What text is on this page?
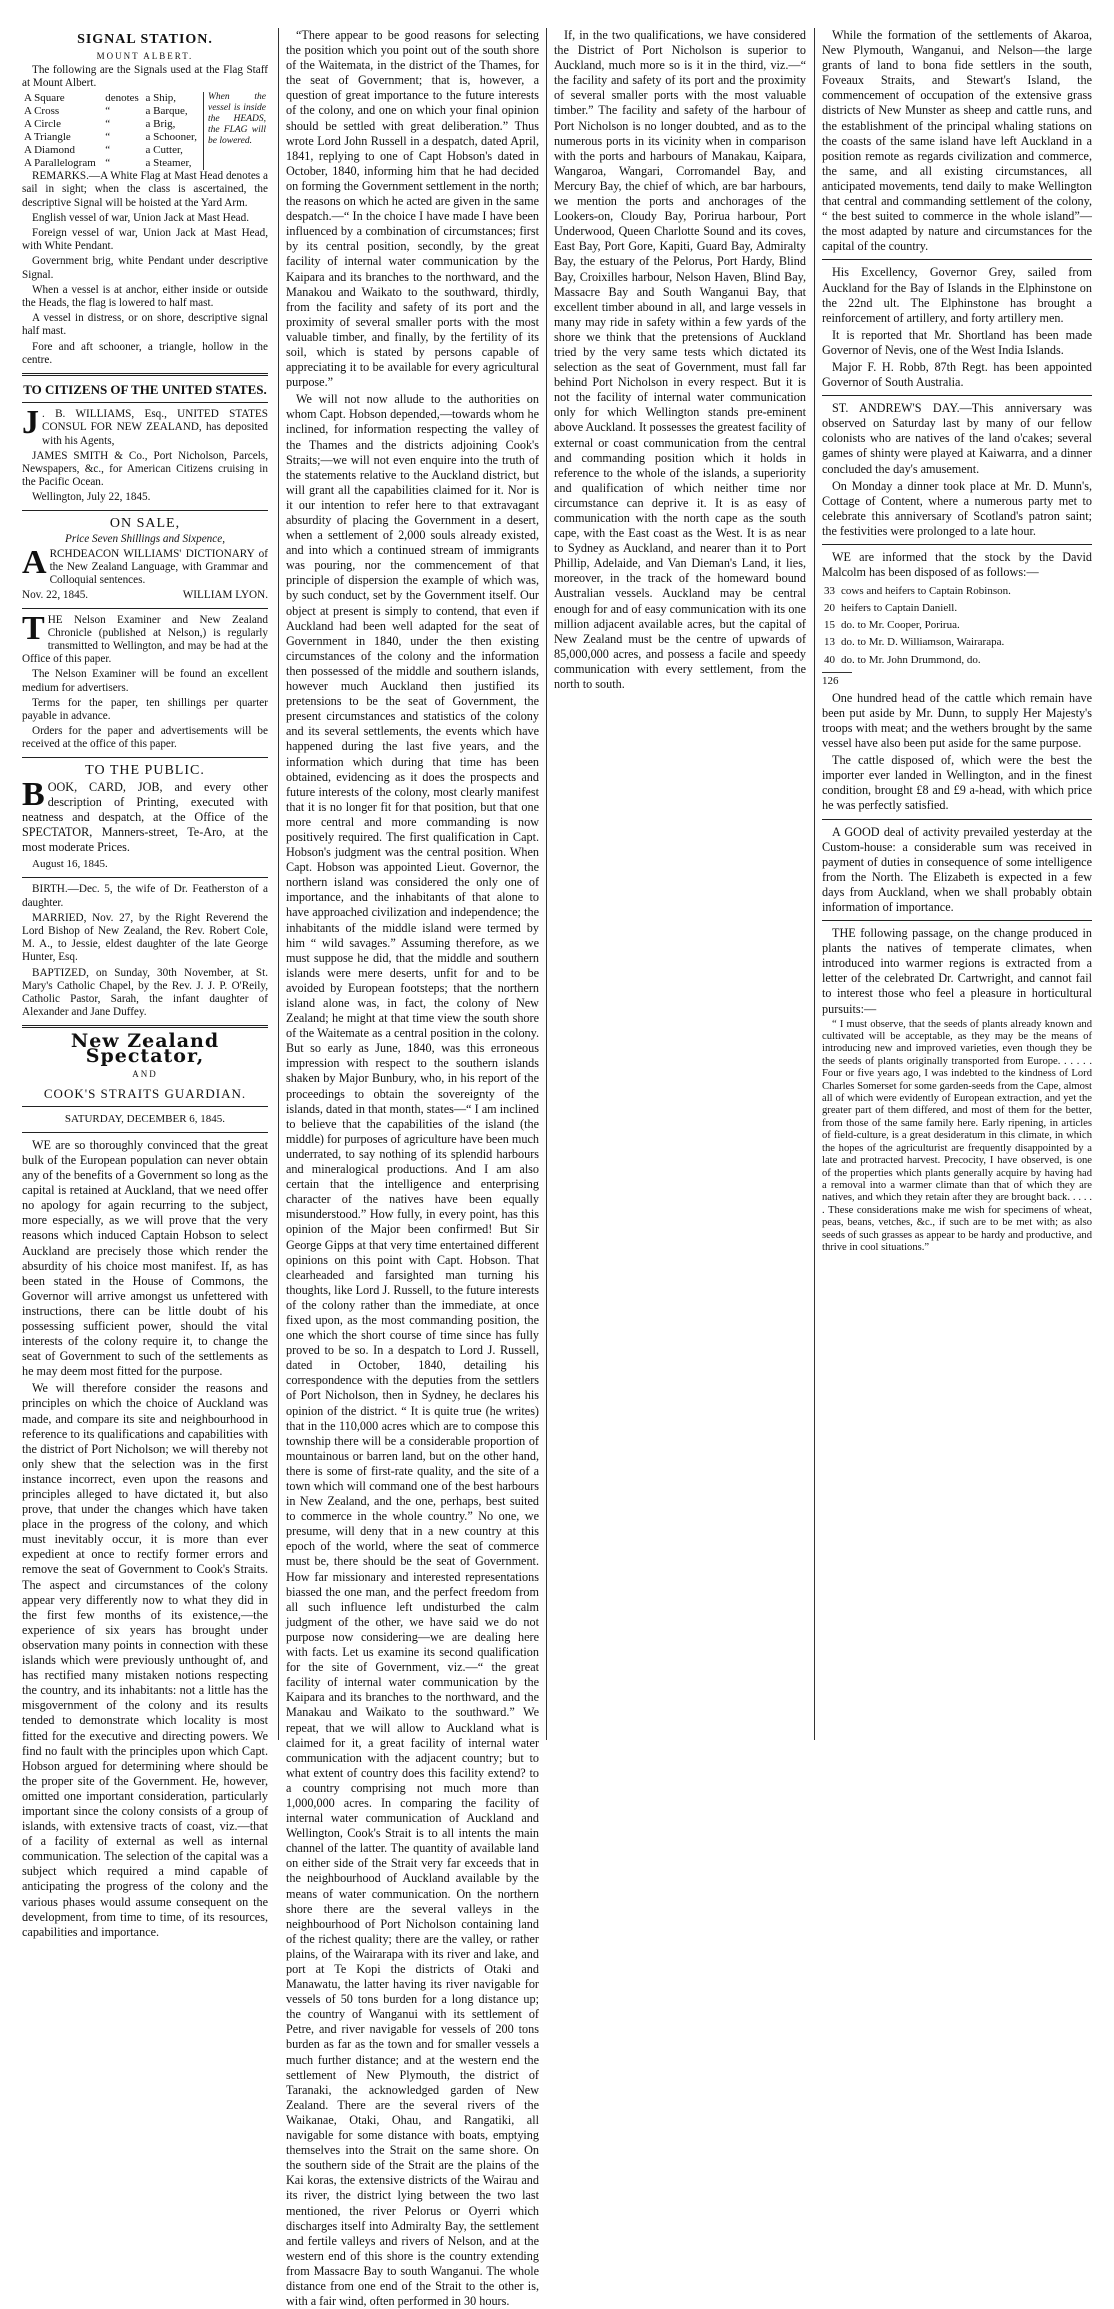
SIGNAL STATION.
MOUNT ALBERT.

The following are the Signals used at the Flag Staff at Mount Albert.

A Square	denotes	a Ship,	When the vessel is inside the HEADS, the FLAG will be lowered.
A Cross	“	a Barque,	
A Circle	“	a Brig,	
A Triangle	“	a Schooner,	
A Diamond	“	a Cutter,	
A Parallelogram	“	a Steamer,	

REMARKS.—A White Flag at Mast Head denotes a sail in sight; when the class is ascertained, the descriptive Signal will be hoisted at the Yard Arm.

English vessel of war, Union Jack at Mast Head.

Foreign vessel of war, Union Jack at Mast Head, with White Pendant.

Government brig, white Pendant under descriptive Signal.

When a vessel is at anchor, either inside or outside the Heads, the flag is lowered to half mast.

A vessel in distress, or on shore, descriptive signal half mast.

Fore and aft schooner, a triangle, hollow in the centre.

TO CITIZENS OF THE UNITED STATES.

J . B. WILLIAMS, Esq., UNITED STATES CONSUL FOR NEW ZEALAND, has deposited with his Agents,

JAMES SMITH & Co., Port Nicholson, Parcels, Newspapers, &c., for American Citizens cruising in the Pacific Ocean.

Wellington, July 22, 1845.

ON SALE,

Price Seven Shillings and Sixpence,

ARCHDEACON WILLIAMS' DICTIONARY of the New Zealand Language, with Grammar and Colloquial sentences.

Nov. 22, 1845.	WILLIAM LYON.

THE Nelson Examiner and New Zealand Chronicle (published at Nelson,) is regularly transmitted to Wellington, and may be had at the Office of this paper.

The Nelson Examiner will be found an excellent medium for advertisers.

Terms for the paper, ten shillings per quarter payable in advance.

Orders for the paper and advertisements will be received at the office of this paper.

TO THE PUBLIC.

BOOK, CARD, JOB, and every other description of Printing, executed with neatness and despatch, at the Office of the SPECTATOR, Manners-street, Te-Aro, at the most moderate Prices.

August 16, 1845.

BIRTH.—Dec. 5, the wife of Dr. Featherston of a daughter.

MARRIED, Nov. 27, by the Right Reverend the Lord Bishop of New Zealand, the Rev. Robert Cole, M. A., to Jessie, eldest daughter of the late George Hunter, Esq.

BAPTIZED, on Sunday, 30th November, at St. Mary's Catholic Chapel, by the Rev. J. J. P. O'Reily, Catholic Pastor, Sarah, the infant daughter of Alexander and Jane Duffey.

New Zealand Spectator,
AND
COOK'S STRAITS GUARDIAN.

SATURDAY, DECEMBER 6, 1845.

WE are so thoroughly convinced that the great bulk of the European population can never obtain any of the benefits of a Government so long as the capital is retained at Auckland, that we need offer no apology for again recurring to the subject, more especially, as we will prove that the very reasons which induced Captain Hobson to select Auckland are precisely those which render the absurdity of his choice most manifest. If, as has been stated in the House of Commons, the Governor will arrive amongst us unfettered with instructions, there can be little doubt of his possessing sufficient power, should the vital interests of the colony require it, to change the seat of Government to such of the settlements as he may deem most fitted for the purpose.

We will therefore consider the reasons and principles on which the choice of Auckland was made, and compare its site and neighbourhood in reference to its qualifications and capabilities with the district of Port Nicholson; we will thereby not only shew that the selection was in the first instance incorrect, even upon the reasons and principles alleged to have dictated it, but also prove, that under the changes which have taken place in the progress of the colony, and which must inevitably occur, it is more than ever expedient at once to rectify former errors and remove the seat of Government to Cook's Straits. The aspect and circumstances of the colony appear very differently now to what they did in the first few months of its existence,—the experience of six years has brought under observation many points in connection with these islands which were previously unthought of, and has rectified many mistaken notions respecting the country, and its inhabitants: not a little has the misgovernment of the colony and its results tended to demonstrate which locality is most fitted for the executive and directing powers. We find no fault with the principles upon which Capt. Hobson argued for determining where should be the proper site of the Government. He, however, omitted one important consideration, particularly important since the colony consists of a group of islands, with extensive tracts of coast, viz.—that of a facility of external as well as internal communication. The selection of the capital was a subject which required a mind capable of anticipating the progress of the colony and the various phases would assume consequent on the development, from time to time, of its resources, capabilities and importance.

“There appear to be good reasons for selecting the position which you point out of the south shore of the Waitemata, in the district of the Thames, for the seat of Government; that is, however, a question of great importance to the future interests of the colony, and one on which your final opinion should be settled with great deliberation.” Thus wrote Lord John Russell in a despatch, dated April, 1841, replying to one of Capt Hobson's dated in October, 1840, informing him that he had decided on forming the Government settlement in the north; the reasons on which he acted are given in the same despatch.—“ In the choice I have made I have been influenced by a combination of circumstances; first by its central position, secondly, by the great facility of internal water communication by the Kaipara and its branches to the northward, and the Manakou and Waikato to the southward, thirdly, from the facility and safety of its port and the proximity of several smaller ports with the most valuable timber, and finally, by the fertility of its soil, which is stated by persons capable of appreciating it to be available for every agricultural purpose.”

We will not now allude to the authorities on whom Capt. Hobson depended,—towards whom he inclined, for information respecting the valley of the Thames and the districts adjoining Cook's Straits;—we will not even enquire into the truth of the statements relative to the Auckland district, but will grant all the capabilities claimed for it. Nor is it our intention to refer here to that extravagant absurdity of placing the Government in a desert, when a settlement of 2,000 souls already existed, and into which a continued stream of immigrants was pouring, nor the commencement of that principle of dispersion the example of which was, by such conduct, set by the Government itself. Our object at present is simply to contend, that even if Auckland had been well adapted for the seat of Government in 1840, under the then existing circumstances of the colony and the information then possessed of the middle and southern islands, however much Auckland then justified its pretensions to be the seat of Government, the present circumstances and statistics of the colony and its several settlements, the events which have happened during the last five years, and the information which during that time has been obtained, evidencing as it does the prospects and future interests of the colony, most clearly manifest that it is no longer fit for that position, but that one more central and more commanding is now positively required. The first qualification in Capt. Hobson's judgment was the central position. When Capt. Hobson was appointed Lieut. Governor, the northern island was considered the only one of importance, and the inhabitants of that alone to have approached civilization and independence; the inhabitants of the middle island were termed by him “ wild savages.” Assuming therefore, as we must suppose he did, that the middle and southern islands were mere deserts, unfit for and to be avoided by European footsteps; that the northern island alone was, in fact, the colony of New Zealand; he might at that time view the south shore of the Waitemate as a central position in the colony. But so early as June, 1840, was this erroneous impression with respect to the southern islands shaken by Major Bunbury, who, in his report of the proceedings to obtain the sovereignty of the islands, dated in that month, states—“ I am inclined to believe that the capabilities of the island (the middle) for purposes of agriculture have been much underrated, to say nothing of its splendid harbours and mineralogical productions. And I am also certain that the intelligence and enterprising character of the natives have been equally misunderstood.” How fully, in every point, has this opinion of the Major been confirmed! But Sir George Gipps at that very time entertained different opinions on this point with Capt. Hobson. That clearheaded and farsighted man turning his thoughts, like Lord J. Russell, to the future interests of the colony rather than the immediate, at once fixed upon, as the most commanding position, the one which the short course of time since has fully proved to be so. In a despatch to Lord J. Russell, dated in October, 1840, detailing his correspondence with the deputies from the settlers of Port Nicholson, then in Sydney, he declares his opinion of the district. “ It is quite true (he writes) that in the 110,000 acres which are to compose this township there will be a considerable proportion of mountainous or barren land, but on the other hand, there is some of first-rate quality, and the site of a town which will command one of the best harbours in New Zealand, and the one, perhaps, best suited to commerce in the whole country.” No one, we presume, will deny that in a new country at this epoch of the world, where the seat of commerce must be, there should be the seat of Government. How far missionary and interested representations biassed the one man, and the perfect freedom from all such influence left undisturbed the calm judgment of the other, we have said we do not purpose now considering—we are dealing here with facts. Let us examine its second qualification for the site of Government, viz.—“ the great facility of internal water communication by the Kaipara and its branches to the northward, and the Manakau and Waikato to the southward.” We repeat, that we will allow to Auckland what is claimed for it, a great facility of internal water communication with the adjacent country; but to what extent of country does this facility extend? to a country comprising not much more than 1,000,000 acres. In comparing the facility of internal water communication of Auckland and Wellington, Cook's Strait is to all intents the main channel of the latter. The quantity of available land on either side of the Strait very far exceeds that in the neighbourhood of Auckland available by the means of water communication. On the northern shore there are the several valleys in the neighbourhood of Port Nicholson containing land of the richest quality; there are the valley, or rather plains, of the Wairarapa with its river and lake, and port at Te Kopi the districts of Otaki and Manawatu, the latter having its river navigable for vessels of 50 tons burden for a long distance up; the country of Wanganui with its settlement of Petre, and river navigable for vessels of 200 tons burden as far as the town and for smaller vessels a much further distance; and at the western end the settlement of New Plymouth, the district of Taranaki, the acknowledged garden of New Zealand. There are the several rivers of the Waikanae, Otaki, Ohau, and Rangatiki, all navigable for some distance with boats, emptying themselves into the Strait on the same shore. On the southern side of the Strait are the plains of the Kai koras, the extensive districts of the Wairau and its river, the district lying between the two last mentioned, the river Pelorus or Oyerri which discharges itself into Admiralty Bay, the settlement and fertile valleys and rivers of Nelson, and at the western end of this shore is the country extending from Massacre Bay to south Wanganui. The whole distance from one end of the Strait to the other is, with a fair wind, often performed in 30 hours.

If, in the two qualifications, we have considered the District of Port Nicholson is superior to Auckland, much more so is it in the third, viz.—“ the facility and safety of its port and the proximity of several smaller ports with the most valuable timber.” The facility and safety of the harbour of Port Nicholson is no longer doubted, and as to the numerous ports in its vicinity when in comparison with the ports and harbours of Manakau, Kaipara, Wangaroa, Wangari, Corromandel Bay, and Mercury Bay, the chief of which, are bar harbours, we mention the ports and anchorages of the Lookers-on, Cloudy Bay, Porirua harbour, Port Underwood, Queen Charlotte Sound and its coves, East Bay, Port Gore, Kapiti, Guard Bay, Admiralty Bay, the estuary of the Pelorus, Port Hardy, Blind Bay, Croixilles harbour, Nelson Haven, Blind Bay, Massacre Bay and South Wanganui Bay, that excellent timber abound in all, and large vessels in many may ride in safety within a few yards of the shore we think that the pretensions of Auckland tried by the very same tests which dictated its selection as the seat of Government, must fall far behind Port Nicholson in every respect. But it is not the facility of internal water communication only for which Wellington stands pre-eminent above Auckland. It possesses the greatest facility of external or coast communication from the central and commanding position which it holds in reference to the whole of the islands, a superiority and qualification of which neither time nor circumstance can deprive it. It is as easy of communication with the north cape as the south cape, with the East coast as the West. It is as near to Sydney as Auckland, and nearer than it to Port Phillip, Adelaide, and Van Dieman's Land, it lies, moreover, in the track of the homeward bound Australian vessels. Auckland may be central enough for and of easy communication with its one million adjacent available acres, but the capital of New Zealand must be the centre of upwards of 85,000,000 acres, and possess a facile and speedy communication with every settlement, from the north to south.

While the formation of the settlements of Akaroa, New Plymouth, Wanganui, and Nelson—the large grants of land to bona fide settlers in the south, Foveaux Straits, and Stewart's Island, the commencement of occupation of the extensive grass districts of New Munster as sheep and cattle runs, and the establishment of the principal whaling stations on the coasts of the same island have left Auckland in a position remote as regards civilization and commerce, the same, and all existing circumstances, all anticipated movements, tend daily to make Wellington that central and commanding settlement of the colony, “ the best suited to commerce in the whole island”—the most adapted by nature and circumstances for the capital of the country.

His Excellency, Governor Grey, sailed from Auckland for the Bay of Islands in the Elphinstone on the 22nd ult. The Elphinstone has brought a reinforcement of artillery, and forty artillery men.

It is reported that Mr. Shortland has been made Governor of Nevis, one of the West India Islands.

Major F. H. Robb, 87th Regt. has been appointed Governor of South Australia.

ST. ANDREW'S DAY.—This anniversary was observed on Saturday last by many of our fellow colonists who are natives of the land o'cakes; several games of shinty were played at Kaiwarra, and a dinner concluded the day's amusement.

On Monday a dinner took place at Mr. D. Munn's, Cottage of Content, where a numerous party met to celebrate this anniversary of Scotland's patron saint; the festivities were prolonged to a late hour.

WE are informed that the stock by the David Malcolm has been disposed of as follows:—

33	cows and heifers to Captain Robinson.
20	heifers to Captain Daniell.
15	do. to Mr. Cooper, Porirua.
13	do. to Mr. D. Williamson, Wairarapa.
40	do. to Mr. John Drummond, do.

126

One hundred head of the cattle which remain have been put aside by Mr. Dunn, to supply Her Majesty's troops with meat; and the wethers brought by the same vessel have also been put aside for the same purpose.

The cattle disposed of, which were the best the importer ever landed in Wellington, and in the finest condition, brought £8 and £9 a-head, with which price he was perfectly satisfied.

A GOOD deal of activity prevailed yesterday at the Custom-house: a considerable sum was received in payment of duties in consequence of some intelligence from the North. The Elizabeth is expected in a few days from Auckland, when we shall probably obtain information of importance.

THE following passage, on the change produced in plants the natives of temperate climates, when introduced into warmer regions is extracted from a letter of the celebrated Dr. Cartwright, and cannot fail to interest those who feel a pleasure in horticultural pursuits:—

“ I must observe, that the seeds of plants already known and cultivated will be acceptable, as they may be the means of introducing new and improved varieties, even though they be the seeds of plants originally transported from Europe. . . . . . Four or five years ago, I was indebted to the kindness of Lord Charles Somerset for some garden-seeds from the Cape, almost all of which were evidently of European extraction, and yet the greater part of them differed, and most of them for the better, from those of the same family here. Early ripening, in articles of field-culture, is a great desideratum in this climate, in which the hopes of the agriculturist are frequently disappointed by a late and protracted harvest. Precocity, I have observed, is one of the properties which plants generally acquire by having had a removal into a warmer climate than that of which they are natives, and which they retain after they are brought back. . . . . . These considerations make me wish for specimens of wheat, peas, beans, vetches, &c., if such are to be met with; as also seeds of such grasses as appear to be hardy and productive, and thrive in cool situations.”
